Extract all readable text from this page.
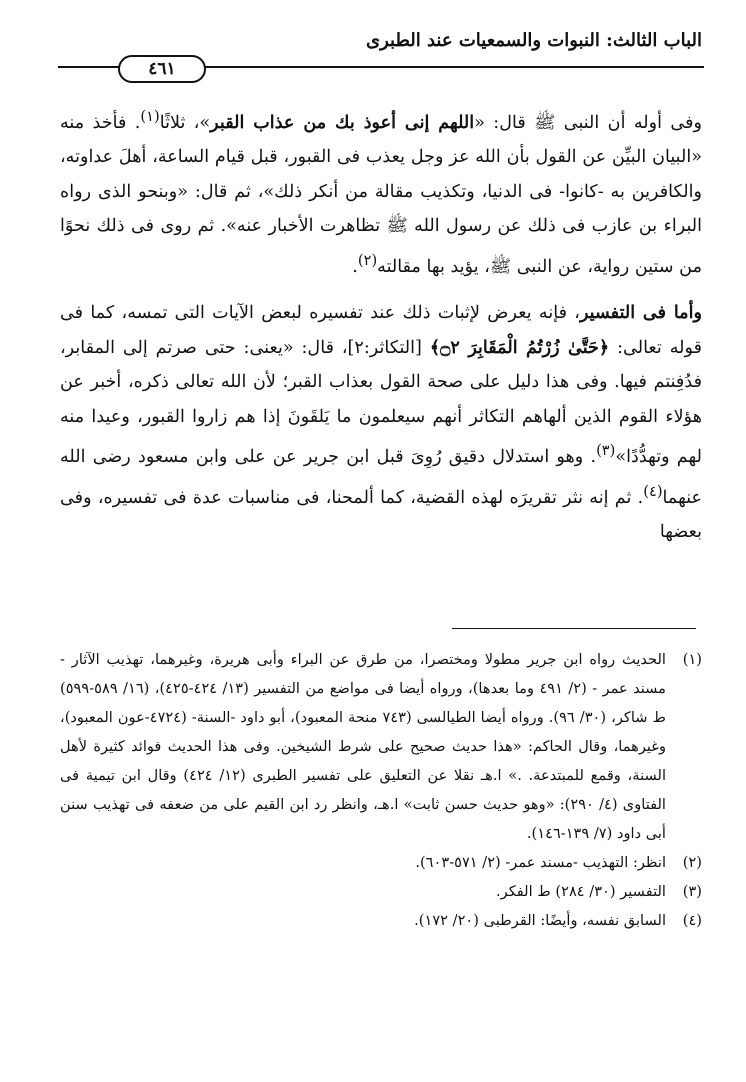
الباب الثالث: النبوات والسمعيات عند الطبرى
٤٦١

وفى أوله أن النبى ﷺ قال: «اللهم إنى أعوذ بك من عذاب القبر»، ثلاثًا$^{(١)}$. فأخذ منه «البيان البيِّن عن القول بأن الله عز وجل يعذب فى القبور، قبل قيام الساعة، أهلَ عداوته، والكافرين به -كانوا- فى الدنيا، وتكذيب مقالة من أنكر ذلك»، ثم قال: «وبنحو الذى رواه البراء بن عازب فى ذلك عن رسول الله ﷺ تظاهرت الأخبار عنه». ثم روى فى ذلك نحوًا من ستين رواية، عن النبى ﷺ، يؤيد بها مقالته$^{(٢)}$.

وأما فى التفسير، فإنه يعرض لإثبات ذلك عند تفسيره لبعض الآيات التى تمسه، كما فى قوله تعالى: ﴿حَتَّىٰ زُرْتُمُ الْمَقَابِرَ ۝٢﴾ [التكاثر:٢]، قال: «يعنى: حتى صرتم إلى المقابر، فدُفِنتم فيها. وفى هذا دليل على صحة القول بعذاب القبر؛ لأن الله تعالى ذكره، أخبر عن هؤلاء القوم الذين ألهاهم التكاثر أنهم سيعلمون ما يَلقَونَ إذا هم زاروا القبور، وعيدا منه لهم وتهدُّدًا»$^{(٣)}$. وهو استدلال دقيق رُوِىَ قبل ابن جرير عن على وابن مسعود رضى الله عنهما$^{(٤)}$. ثم إنه نثر تقريرَه لهذه القضية، كما ألمحنا، فى مناسبات عدة فى تفسيره، وفى بعضها

(١)
الحديث رواه ابن جرير مطولا ومختصرا، من طرق عن البراء وأبى هريرة، وغيرهما، تهذيب الآثار - مسند عمر - (٢/ ٤٩١ وما بعدها)، ورواه أيضا فى مواضع من التفسير (١٣/ ٤٢٤-٤٢٥)، (١٦/ ٥٨٩-٥٩٩) ط شاكر، (٣٠/ ٩٦). ورواه أيضا الطيالسى (٧٤٣ منحة المعبود)، أبو داود -السنة- (٤٧٢٤-عون المعبود)، وغيرهما، وقال الحاكم: «هذا حديث صحيح على شرط الشيخين. وفى هذا الحديث فوائد كثيرة لأهل السنة، وقمع للمبتدعة. .» ا.هـ نقلا عن التعليق على تفسير الطبرى (١٢/ ٤٢٤) وقال ابن تيمية فى الفتاوى (٤/ ٢٩٠): «وهو حديث حسن ثابت» ا.هـ، وانظر رد ابن القيم على من ضعفه فى تهذيب سنن أبى داود (٧/ ١٣٩-١٤٦).
(٢)
انظر: التهذيب -مسند عمر- (٢/ ٥٧١-٦٠٣).
(٣)
التفسير (٣٠/ ٢٨٤) ط الفكر.
(٤)
السابق نفسه، وأيضًا: القرطبى (٢٠/ ١٧٢).
